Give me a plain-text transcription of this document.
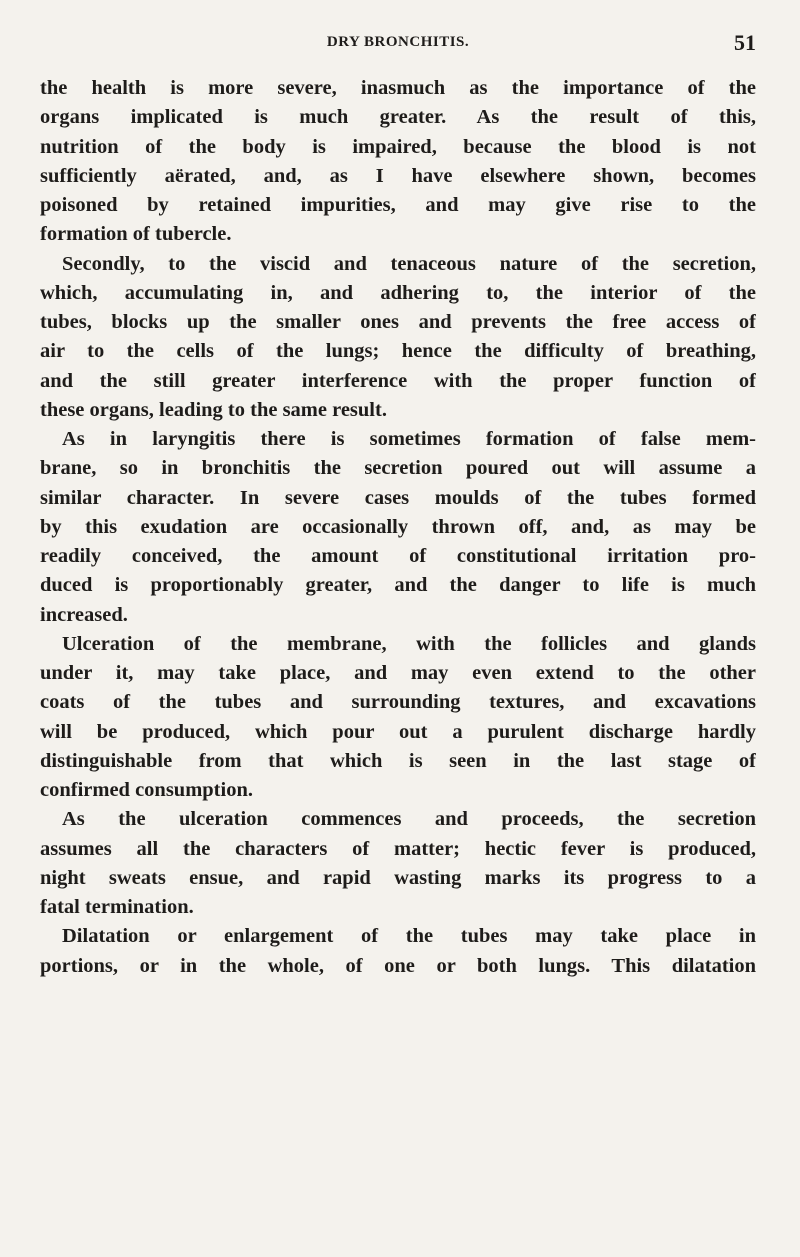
DRY BRONCHITIS.	51
the health is more severe, inasmuch as the importance of the
organs implicated is much greater. As the result of this,
nutrition of the body is impaired, because the blood is not
sufficiently aërated, and, as I have elsewhere shown, becomes
poisoned by retained impurities, and may give rise to the
formation of tubercle.
Secondly, to the viscid and tenaceous nature of the secretion,
which, accumulating in, and adhering to, the interior of the
tubes, blocks up the smaller ones and prevents the free access of
air to the cells of the lungs; hence the difficulty of breathing,
and the still greater interference with the proper function of
these organs, leading to the same result.
As in laryngitis there is sometimes formation of false mem-
brane, so in bronchitis the secretion poured out will assume a
similar character. In severe cases moulds of the tubes formed
by this exudation are occasionally thrown off, and, as may be
readily conceived, the amount of constitutional irritation pro-
duced is proportionably greater, and the danger to life is much
increased.
Ulceration of the membrane, with the follicles and glands
under it, may take place, and may even extend to the other
coats of the tubes and surrounding textures, and excavations
will be produced, which pour out a purulent discharge hardly
distinguishable from that which is seen in the last stage of
confirmed consumption.
As the ulceration commences and proceeds, the secretion
assumes all the characters of matter; hectic fever is produced,
night sweats ensue, and rapid wasting marks its progress to a
fatal termination.
Dilatation or enlargement of the tubes may take place in
portions, or in the whole, of one or both lungs. This dilatation
